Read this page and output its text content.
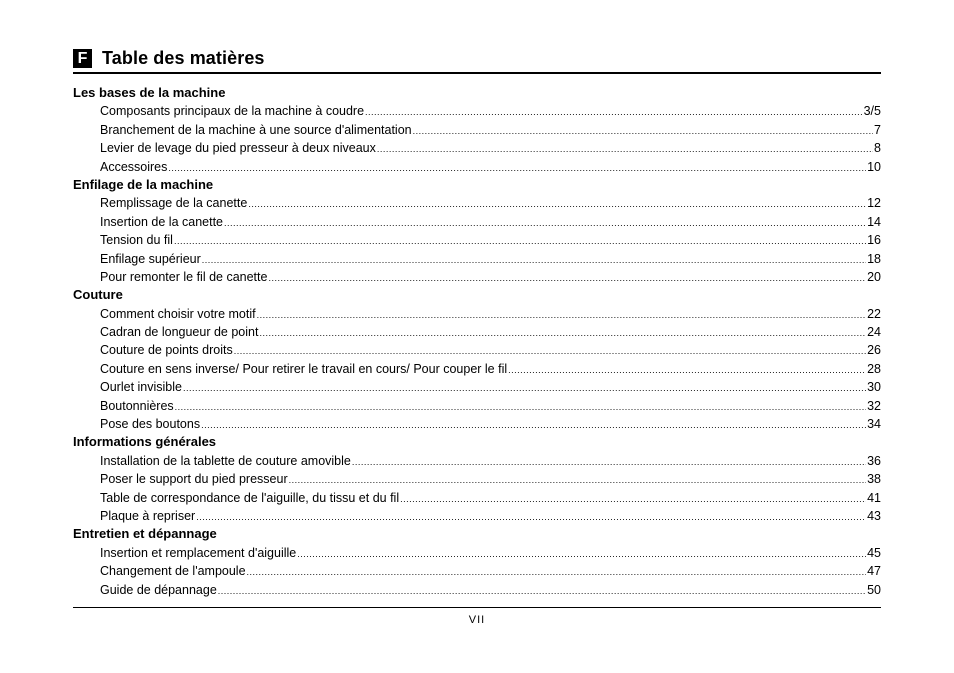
F Table des matières
Les bases de la machine
Composants principaux de la machine à coudre .....	3/5
Branchement de la machine à une source d'alimentation .....	7
Levier de levage du pied presseur à deux niveaux .....	8
Accessoires .....	10
Enfilage de la machine
Remplissage de la canette .....	12
Insertion de la canette .....	14
Tension du fil .....	16
Enfilage supérieur .....	18
Pour remonter le fil de canette .....	20
Couture
Comment choisir votre motif .....	22
Cadran de longueur de point .....	24
Couture de points droits .....	26
Couture en sens inverse/ Pour retirer le travail en cours/ Pour couper le fil .....	28
Ourlet invisible .....	30
Boutonnières .....	32
Pose des boutons .....	34
Informations générales
Installation de la tablette de couture amovible .....	36
Poser le support du pied presseur .....	38
Table de correspondance de l'aiguille, du tissu et du fil .....	41
Plaque à repriser .....	43
Entretien et dépannage
Insertion et remplacement d'aiguille .....	45
Changement de l'ampoule .....	47
Guide de dépannage .....	50
VII
